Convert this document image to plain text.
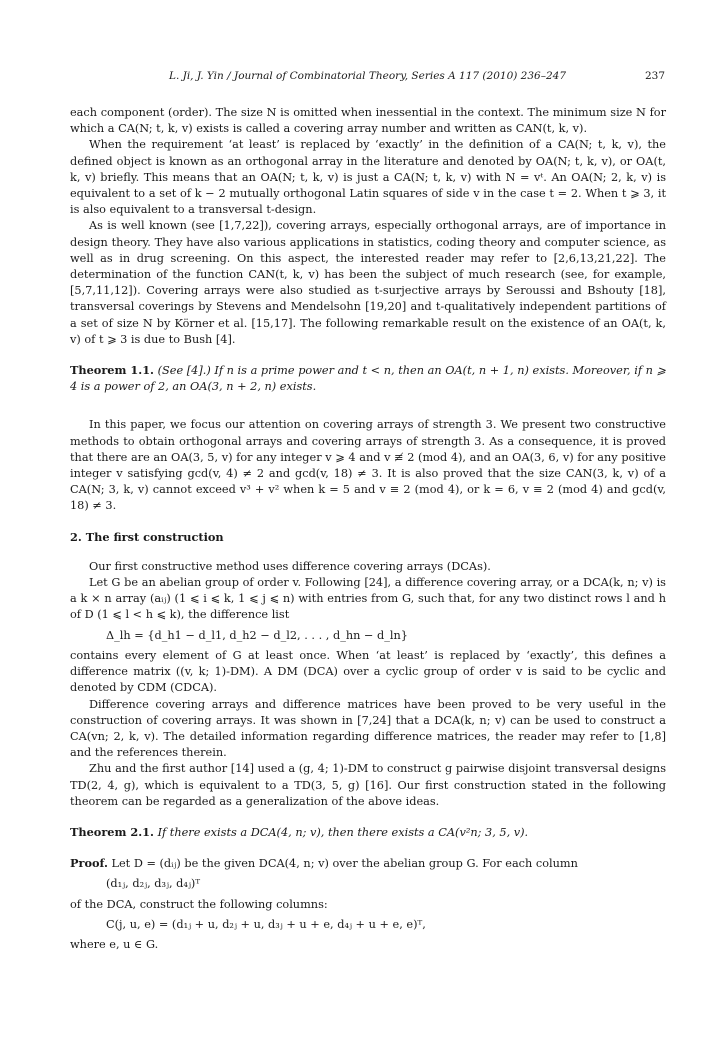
L. Ji, J. Yin / Journal of Combinatorial Theory, Series A 117 (2010) 236–247	237

each component (order). The size N is omitted when inessential in the context. The minimum size N for which a CA(N; t, k, v) exists is called a covering array number and written as CAN(t, k, v).

When the requirement ‘at least’ is replaced by ‘exactly’ in the definition of a CA(N; t, k, v), the defined object is known as an orthogonal array in the literature and denoted by OA(N; t, k, v), or OA(t, k, v) briefly. This means that an OA(N; t, k, v) is just a CA(N; t, k, v) with N = vᵗ. An OA(N; 2, k, v) is equivalent to a set of k − 2 mutually orthogonal Latin squares of side v in the case t = 2. When t ⩾ 3, it is also equivalent to a transversal t-design.

As is well known (see [1,7,22]), covering arrays, especially orthogonal arrays, are of importance in design theory. They have also various applications in statistics, coding theory and computer science, as well as in drug screening. On this aspect, the interested reader may refer to [2,6,13,21,22]. The determination of the function CAN(t, k, v) has been the subject of much research (see, for example, [5,7,11,12]). Covering arrays were also studied as t-surjective arrays by Seroussi and Bshouty [18], transversal coverings by Stevens and Mendelsohn [19,20] and t-qualitatively independent partitions of a set of size N by Körner et al. [15,17]. The following remarkable result on the existence of an OA(t, k, v) of t ⩾ 3 is due to Bush [4].

Theorem 1.1. (See [4].) If n is a prime power and t < n, then an OA(t, n + 1, n) exists. Moreover, if n ⩾ 4 is a power of 2, an OA(3, n + 2, n) exists.

In this paper, we focus our attention on covering arrays of strength 3. We present two constructive methods to obtain orthogonal arrays and covering arrays of strength 3. As a consequence, it is proved that there are an OA(3, 5, v) for any integer v ⩾ 4 and v ≢ 2 (mod 4), and an OA(3, 6, v) for any positive integer v satisfying gcd(v, 4) ≠ 2 and gcd(v, 18) ≠ 3. It is also proved that the size CAN(3, k, v) of a CA(N; 3, k, v) cannot exceed v³ + v² when k = 5 and v ≡ 2 (mod 4), or k = 6, v ≡ 2 (mod 4) and gcd(v, 18) ≠ 3.

2. The first construction

Our first constructive method uses difference covering arrays (DCAs).

Let G be an abelian group of order v. Following [24], a difference covering array, or a DCA(k, n; v) is a k × n array (aᵢⱼ) (1 ⩽ i ⩽ k, 1 ⩽ j ⩽ n) with entries from G, such that, for any two distinct rows l and h of D (1 ⩽ l < h ⩽ k), the difference list

Δ_lh = {d_h1 − d_l1, d_h2 − d_l2, . . . , d_hn − d_ln}

contains every element of G at least once. When ‘at least’ is replaced by ‘exactly’, this defines a difference matrix ((v, k; 1)-DM). A DM (DCA) over a cyclic group of order v is said to be cyclic and denoted by CDM (CDCA).

Difference covering arrays and difference matrices have been proved to be very useful in the construction of covering arrays. It was shown in [7,24] that a DCA(k, n; v) can be used to construct a CA(vn; 2, k, v). The detailed information regarding difference matrices, the reader may refer to [1,8] and the references therein.

Zhu and the first author [14] used a (g, 4; 1)-DM to construct g pairwise disjoint transversal designs TD(2, 4, g), which is equivalent to a TD(3, 5, g) [16]. Our first construction stated in the following theorem can be regarded as a generalization of the above ideas.

Theorem 2.1. If there exists a DCA(4, n; v), then there exists a CA(v²n; 3, 5, v).

Proof. Let D = (dᵢⱼ) be the given DCA(4, n; v) over the abelian group G. For each column

(d₁ⱼ, d₂ⱼ, d₃ⱼ, d₄ⱼ)ᵀ

of the DCA, construct the following columns:

C(j, u, e) = (d₁ⱼ + u, d₂ⱼ + u, d₃ⱼ + u + e, d₄ⱼ + u + e, e)ᵀ,

where e, u ∈ G.
